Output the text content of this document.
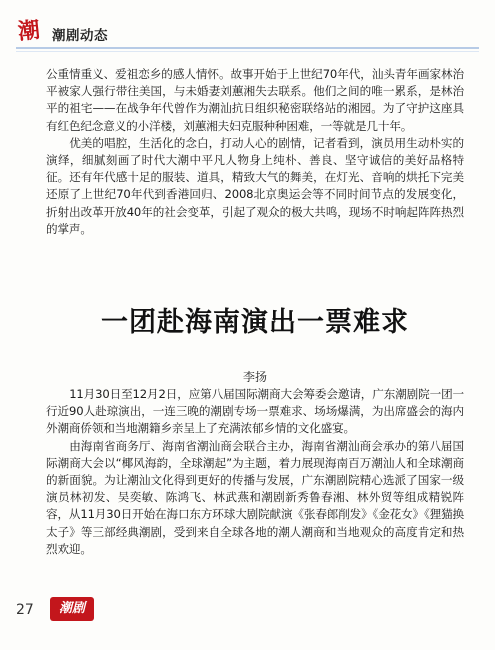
潮 潮剧动态

公重情重义、爱祖恋乡的感人情怀。故事开始于上世纪70年代，汕头青年画家林治平被家人强行带往美国，与未婚妻刘蕙湘失去联系。他们之间的唯一累系，是林治平的祖宅——在战争年代曾作为潮汕抗日组织秘密联络站的湘园。为了守护这座具有红色纪念意义的小洋楼，刘蕙湘夫妇克服种种困难，一等就是几十年。

优美的唱腔，生活化的念白，打动人心的剧情，记者看到，演员用生动朴实的演绎，细腻刻画了时代大潮中平凡人物身上纯朴、善良、坚守诚信的美好品格特征。还有年代感十足的服装、道具，精致大气的舞美，在灯光、音响的烘托下完美还原了上世纪70年代到香港回归、2008北京奥运会等不同时间节点的发展变化，折射出改革开放40年的社会变革，引起了观众的极大共鸣，现场不时响起阵阵热烈的掌声。

一团赴海南演出一票难求
李扬

11月30日至12月2日，应第八届国际潮商大会筹委会邀请，广东潮剧院一团一行近90人赴琼演出，一连三晚的潮剧专场一票难求、场场爆满，为出席盛会的海内外潮商侨领和当地潮籍乡亲呈上了充满浓郁乡情的文化盛宴。

由海南省商务厅、海南省潮汕商会联合主办，海南省潮汕商会承办的第八届国际潮商大会以“椰风海韵，全球潮起”为主题，着力展现海南百万潮汕人和全球潮商的新面貌。为让潮汕文化得到更好的传播与发展，广东潮剧院精心选派了国家一级演员林初发、吴奕敏、陈鸿飞、林武燕和潮剧新秀鲁春湘、林外贸等组成精锐阵容，从11月30日开始在海口东方环球大剧院献演《张春郎削发》《金花女》《狸猫换太子》等三部经典潮剧，受到来自全球各地的潮人潮商和当地观众的高度肯定和热烈欢迎。

27	潮剧
